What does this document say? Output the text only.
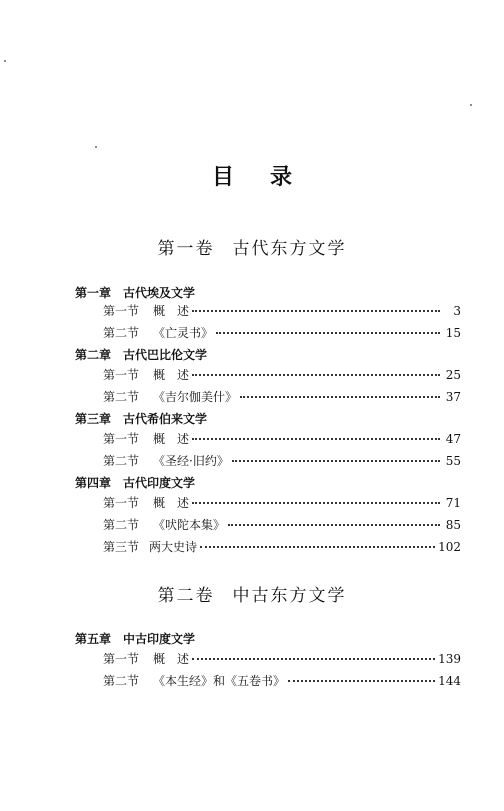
目录
第一卷 古代东方文学
第一章 古代埃及文学
第一节 概　述	3
第二节 《亡灵书》	15
第二章 古代巴比伦文学
第一节 概　述	25
第二节 《吉尔伽美什》	37
第三章 古代希伯来文学
第一节 概　述	47
第二节 《圣经·旧约》	55
第四章 古代印度文学
第一节 概　述	71
第二节 《吠陀本集》	85
第三节 两大史诗	102
第二卷 中古东方文学
第五章 中古印度文学
第一节 概　述	139
第二节 《本生经》和《五卷书》	144
